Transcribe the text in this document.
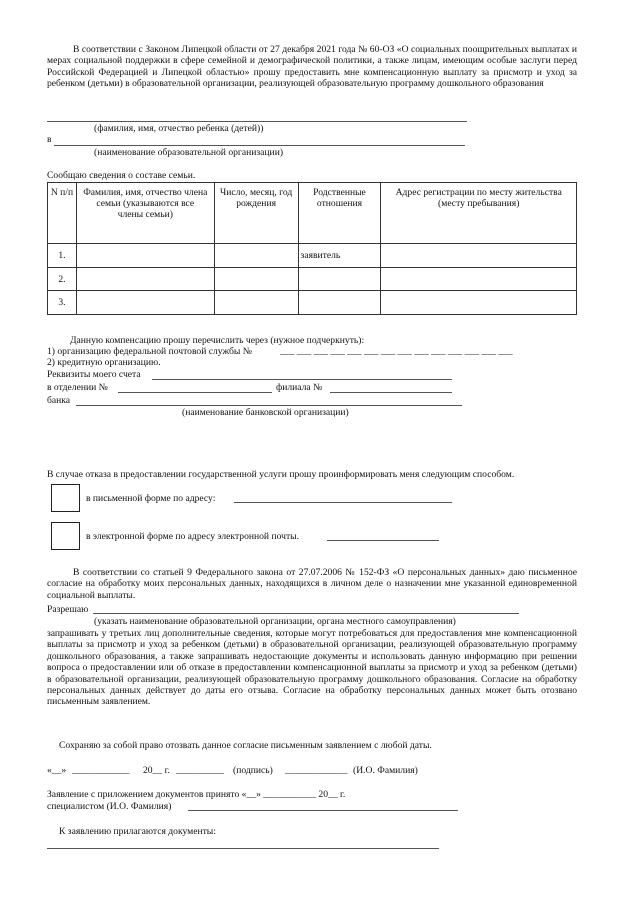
В соответствии с Законом Липецкой области от 27 декабря 2021 года № 60-ОЗ «О социальных поощрительных выплатах и мерах социальной поддержки в сфере семейной и демографической политики, а также лицам, имеющим особые заслуги перед Российской Федерацией и Липецкой областью» прошу предоставить мне компенсационную выплату за присмотр и уход за ребенком (детьми) в образовательной организации, реализующей образовательную программу дошкольного образования
(фамилия, имя, отчество ребенка (детей))
в
(наименование образовательной организации)
Сообщаю сведения о составе семьи.
N п/п	Фамилия, имя, отчество члена семьи (указываются все члены семьи)	Число, месяц, год рождения	Родственные отношения	Адрес регистрации по месту жительства (месту пребывания)
1.			заявитель	
2.				
3.				
Данную компенсацию прошу перечислить через (нужное подчеркнуть):
1) организацию федеральной почтовой службы №	___ ___ ___ ___ ___ ___ ___ ___ ___ ___ ___ ___ ___ ___
2) кредитную организацию.
Реквизиты моего счета
в отделении №	филиала №
банка
(наименование банковской организации)
В случае отказа в предоставлении государственной услуги прошу проинформировать меня следующим способом.
в письменной форме по адресу:
в электронной форме по адресу электронной почты.
В соответствии со статьей 9 Федерального закона от 27.07.2006 № 152-ФЗ «О персональных данных» даю письменное согласие на обработку моих персональных данных, находящихся в личном деле о назначении мне указанной единовременной социальной выплаты.
Разрешаю
(указать наименование образовательной организации, органа местного самоуправления)
запрашивать у третьих лиц дополнительные сведения, которые могут потребоваться для предоставления мне компенсационной выплаты за присмотр и уход за ребенком (детьми) в образовательной организации, реализующей образовательную программу дошкольного образования, а также запрашивать недостающие документы и использовать данную информацию при решении вопроса о предоставлении или об отказе в предоставлении компенсационной выплаты за присмотр и уход за ребенком (детьми) в образовательной организации, реализующей образовательную программу дошкольного образования. Согласие на обработку персональных данных действует до даты его отзыва. Согласие на обработку персональных данных может быть отозвано письменным заявлением.
Сохраняю за собой право отозвать данное согласие письменным заявлением с любой даты.
«__» ____________ 20__ г. __________ (подпись) _____________ (И.О. Фамилия)
Заявление с приложением документов принято «__» ___________ 20__ г.
специалистом (И.О. Фамилия)
К заявлению прилагаются документы:
